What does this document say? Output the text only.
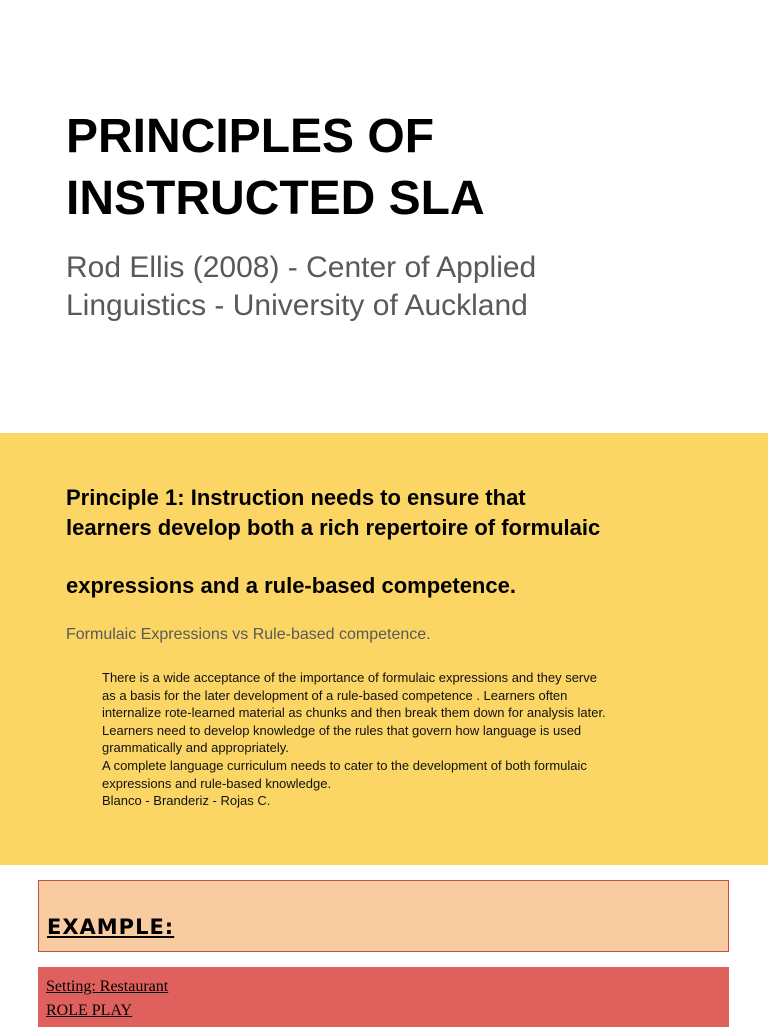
PRINCIPLES OF
INSTRUCTED SLA

Rod Ellis (2008) - Center of Applied
Linguistics - University of Auckland

Principle 1: Instruction needs to ensure that
learners develop both a rich repertoire of formulaic
expressions and a rule-based competence.

Formulaic Expressions vs Rule-based competence.

There is a wide acceptance of the importance of formulaic expressions and they serve
as a basis for the later development of a rule-based competence . Learners often
internalize rote-learned material as chunks and then break them down for analysis later.
Learners need to develop knowledge of the rules that govern how language is used
grammatically and appropriately.
A complete language curriculum needs to cater to the development of both formulaic
expressions and rule-based knowledge.
Blanco - Branderiz - Rojas C.

EXAMPLE:

Setting: Restaurant
ROLE PLAY
